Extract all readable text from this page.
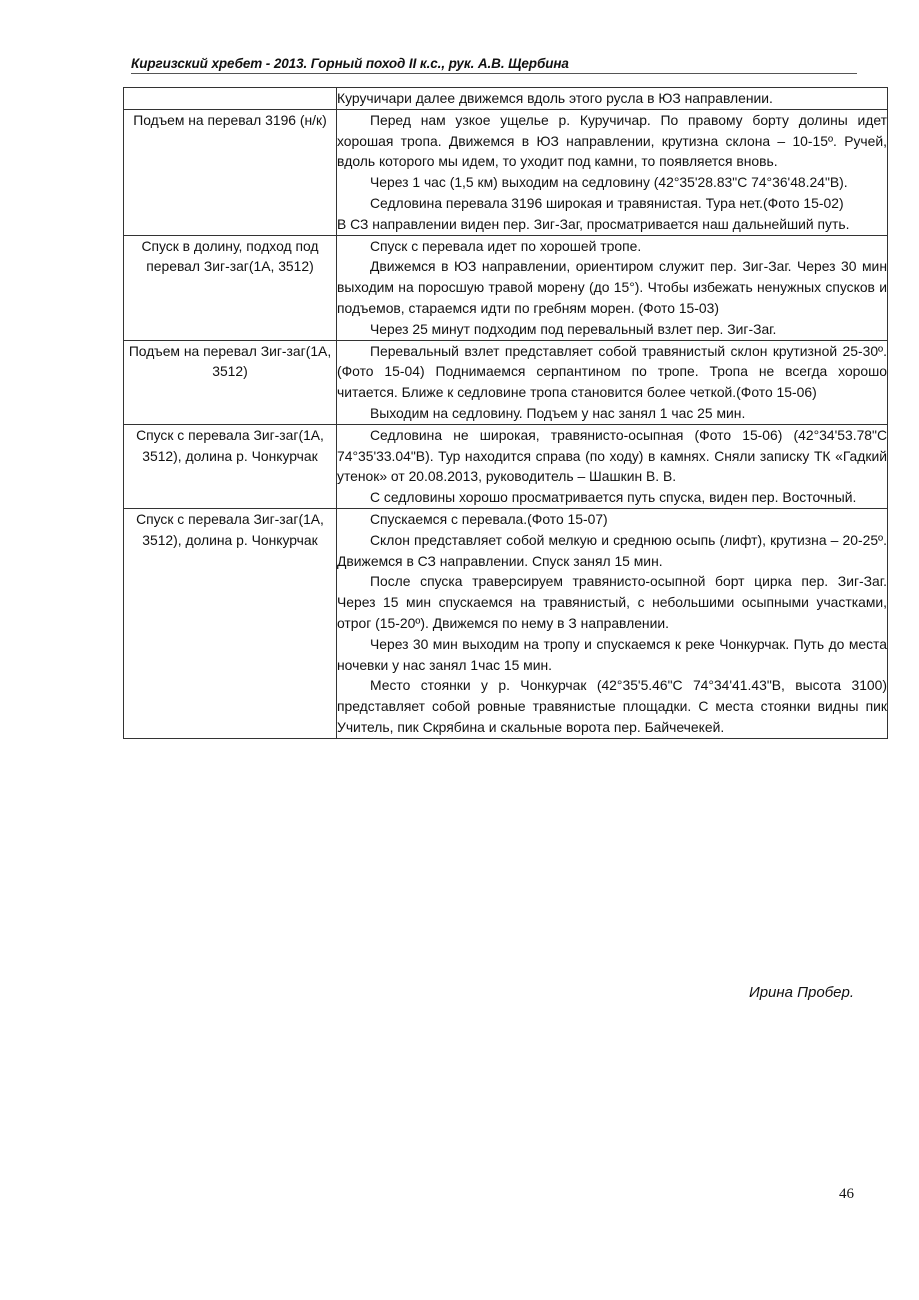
Киргизский хребет - 2013. Горный поход II к.с., рук. А.В. Щербина

	Куручичари далее движемся вдоль этого русла в ЮЗ направлении.

Подъем на перевал 3196 (н/к)	Перед нам узкое ущелье р. Куручичар. По правому борту долины идет хорошая тропа. Движемся в ЮЗ направлении, крутизна склона – 10-15º. Ручей, вдоль которого мы идем, то уходит под камни, то появляется вновь.

Через 1 час (1,5 км) выходим на седловину (42°35'28.83"С 74°36'48.24"В).

Седловина перевала 3196 широкая и травянистая. Тура нет.(Фото 15-02)

В СЗ направлении виден пер. Зиг-Заг, просматривается наш дальнейший путь.

Спуск в долину, подход под перевал Зиг-заг(1А, 3512)	Спуск с перевала идет по хорошей тропе.

Движемся в ЮЗ направлении, ориентиром служит пер. Зиг-Заг. Через 30 мин выходим на поросшую травой морену (до 15°). Чтобы избежать ненужных спусков и подъемов, стараемся идти по гребням морен. (Фото 15-03)

Через 25 минут подходим под перевальный взлет пер. Зиг-Заг.

Подъем на перевал Зиг-заг(1А, 3512)	Перевальный взлет представляет собой травянистый склон крутизной 25-30º. (Фото 15-04) Поднимаемся серпантином по тропе. Тропа не всегда хорошо читается. Ближе к седловине тропа становится более четкой.(Фото 15-06)

Выходим на седловину. Подъем у нас занял 1 час 25 мин.

Спуск с перевала Зиг-заг(1А, 3512), долина р. Чонкурчак	Седловина не широкая, травянисто-осыпная (Фото 15-06) (42°34'53.78"С 74°35'33.04"В). Тур находится справа (по ходу) в камнях. Сняли записку ТК «Гадкий утенок» от 20.08.2013, руководитель – Шашкин В. В.

С седловины хорошо просматривается путь спуска, виден пер. Восточный.

Спуск с перевала Зиг-заг(1А, 3512), долина р. Чонкурчак	Спускаемся с перевала.(Фото 15-07)

Склон представляет собой мелкую и среднюю осыпь (лифт), крутизна – 20-25º. Движемся в СЗ направлении. Спуск занял 15 мин.

После спуска траверсируем травянисто-осыпной борт цирка пер. Зиг-Заг. Через 15 мин спускаемся на травянистый, с небольшими осыпными участками, отрог (15-20º). Движемся по нему в З направлении.

Через 30 мин выходим на тропу и спускаемся к реке Чонкурчак. Путь до места ночевки у нас занял 1час 15 мин.

Место стоянки у р. Чонкурчак (42°35'5.46"С 74°34'41.43"В, высота 3100) представляет собой ровные травянистые площадки. С места стоянки видны пик Учитель, пик Скрябина и скальные ворота пер. Байчечекей.

Ирина Пробер.
46
